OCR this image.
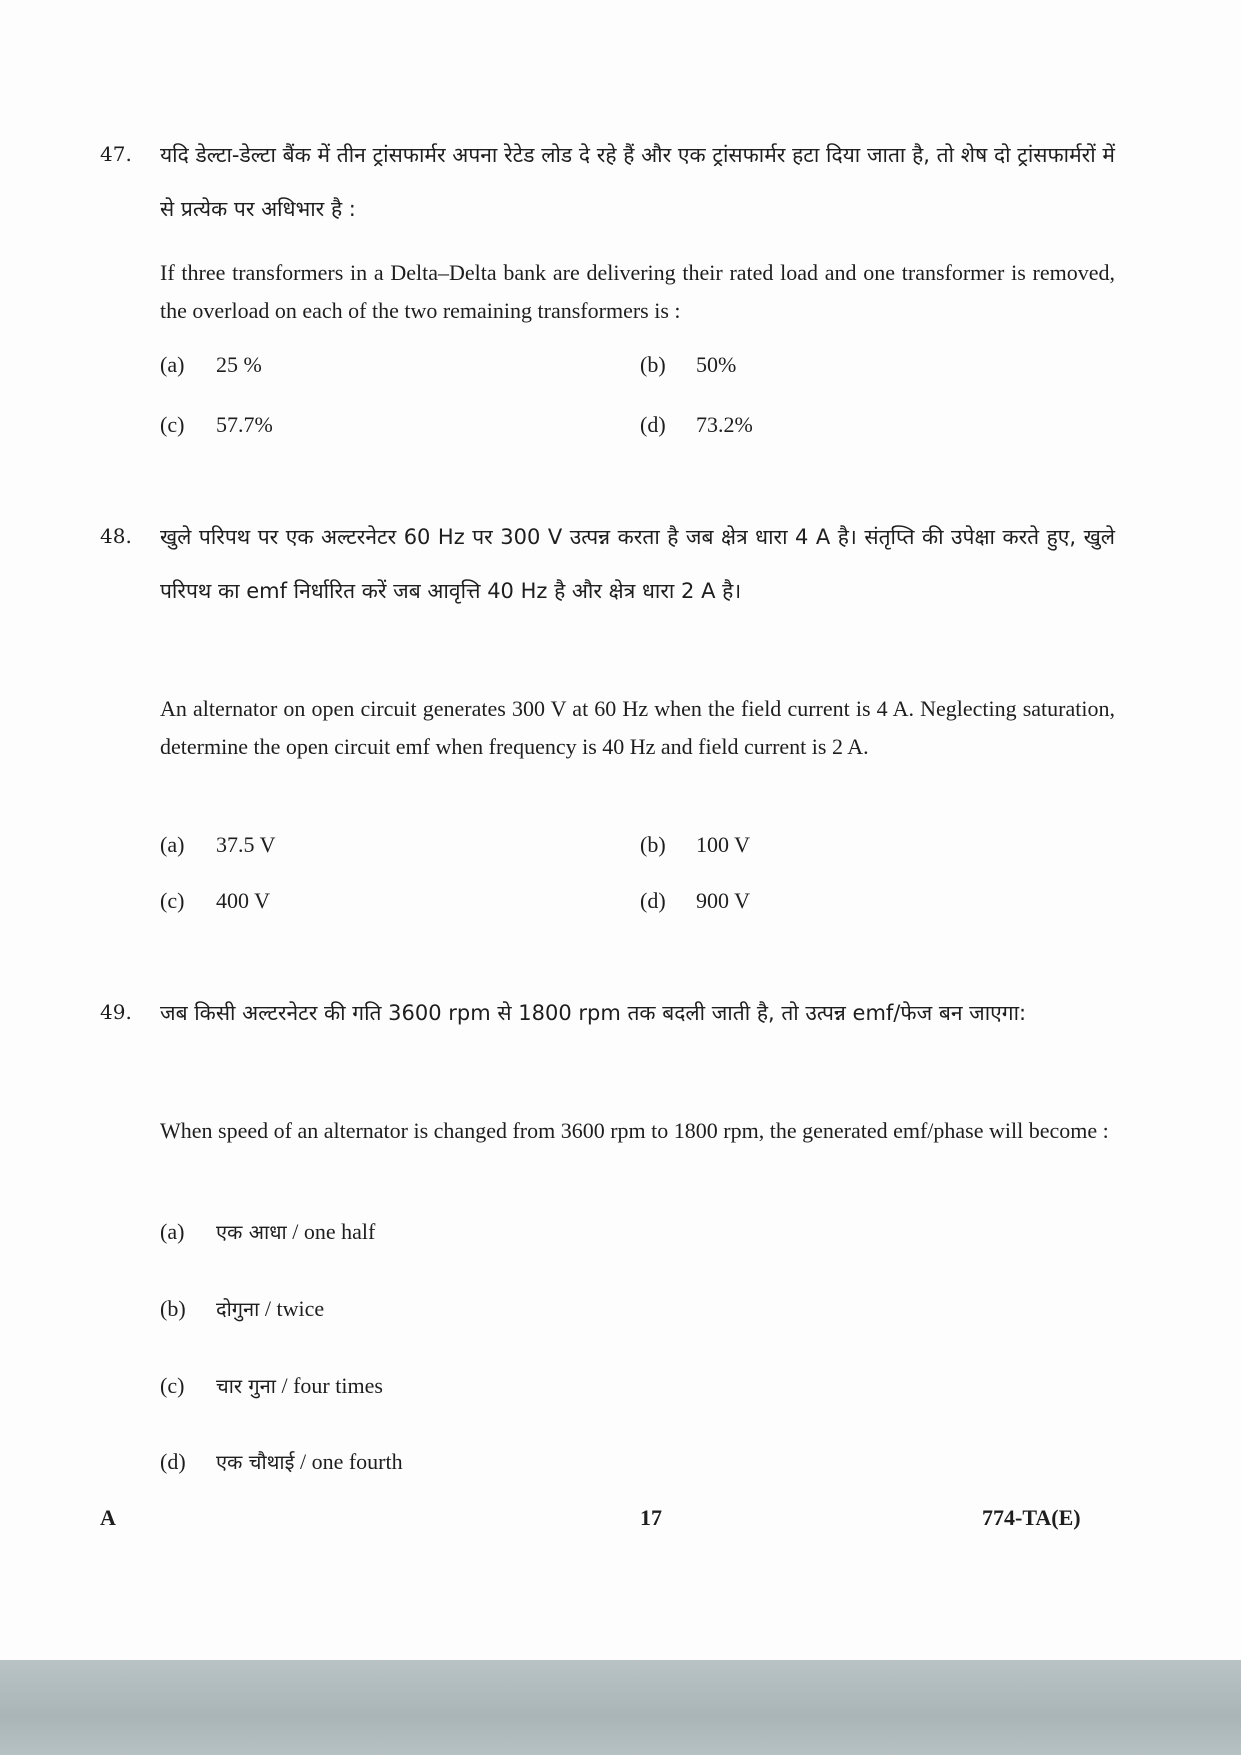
47. यदि डेल्टा-डेल्टा बैंक में तीन ट्रांसफार्मर अपना रेटेड लोड दे रहे हैं और एक ट्रांसफार्मर हटा दिया जाता है, तो शेष दो ट्रांसफार्मरों में से प्रत्येक पर अधिभार है :
If three transformers in a Delta–Delta bank are delivering their rated load and one transformer is removed, the overload on each of the two remaining transformers is :
(a) 25 %	(b) 50%
(c) 57.7%	(d) 73.2%
48. खुले परिपथ पर एक अल्टरनेटर 60 Hz पर 300 V उत्पन्न करता है जब क्षेत्र धारा 4 A है। संतृप्ति की उपेक्षा करते हुए, खुले परिपथ का emf निर्धारित करें जब आवृत्ति 40 Hz है और क्षेत्र धारा 2 A है।
An alternator on open circuit generates 300 V at 60 Hz when the field current is 4 A. Neglecting saturation, determine the open circuit emf when frequency is 40 Hz and field current is 2 A.
(a) 37.5 V	(b) 100 V
(c) 400 V	(d) 900 V
49. जब किसी अल्टरनेटर की गति 3600 rpm से 1800 rpm तक बदली जाती है, तो उत्पन्न emf/फेज बन जाएगा:
When speed of an alternator is changed from 3600 rpm to 1800 rpm, the generated emf/phase will become :
(a) एक आधा / one half
(b) दोगुना / twice
(c) चार गुना / four times
(d) एक चौथाई / one fourth
A	17	774-TA(E)
